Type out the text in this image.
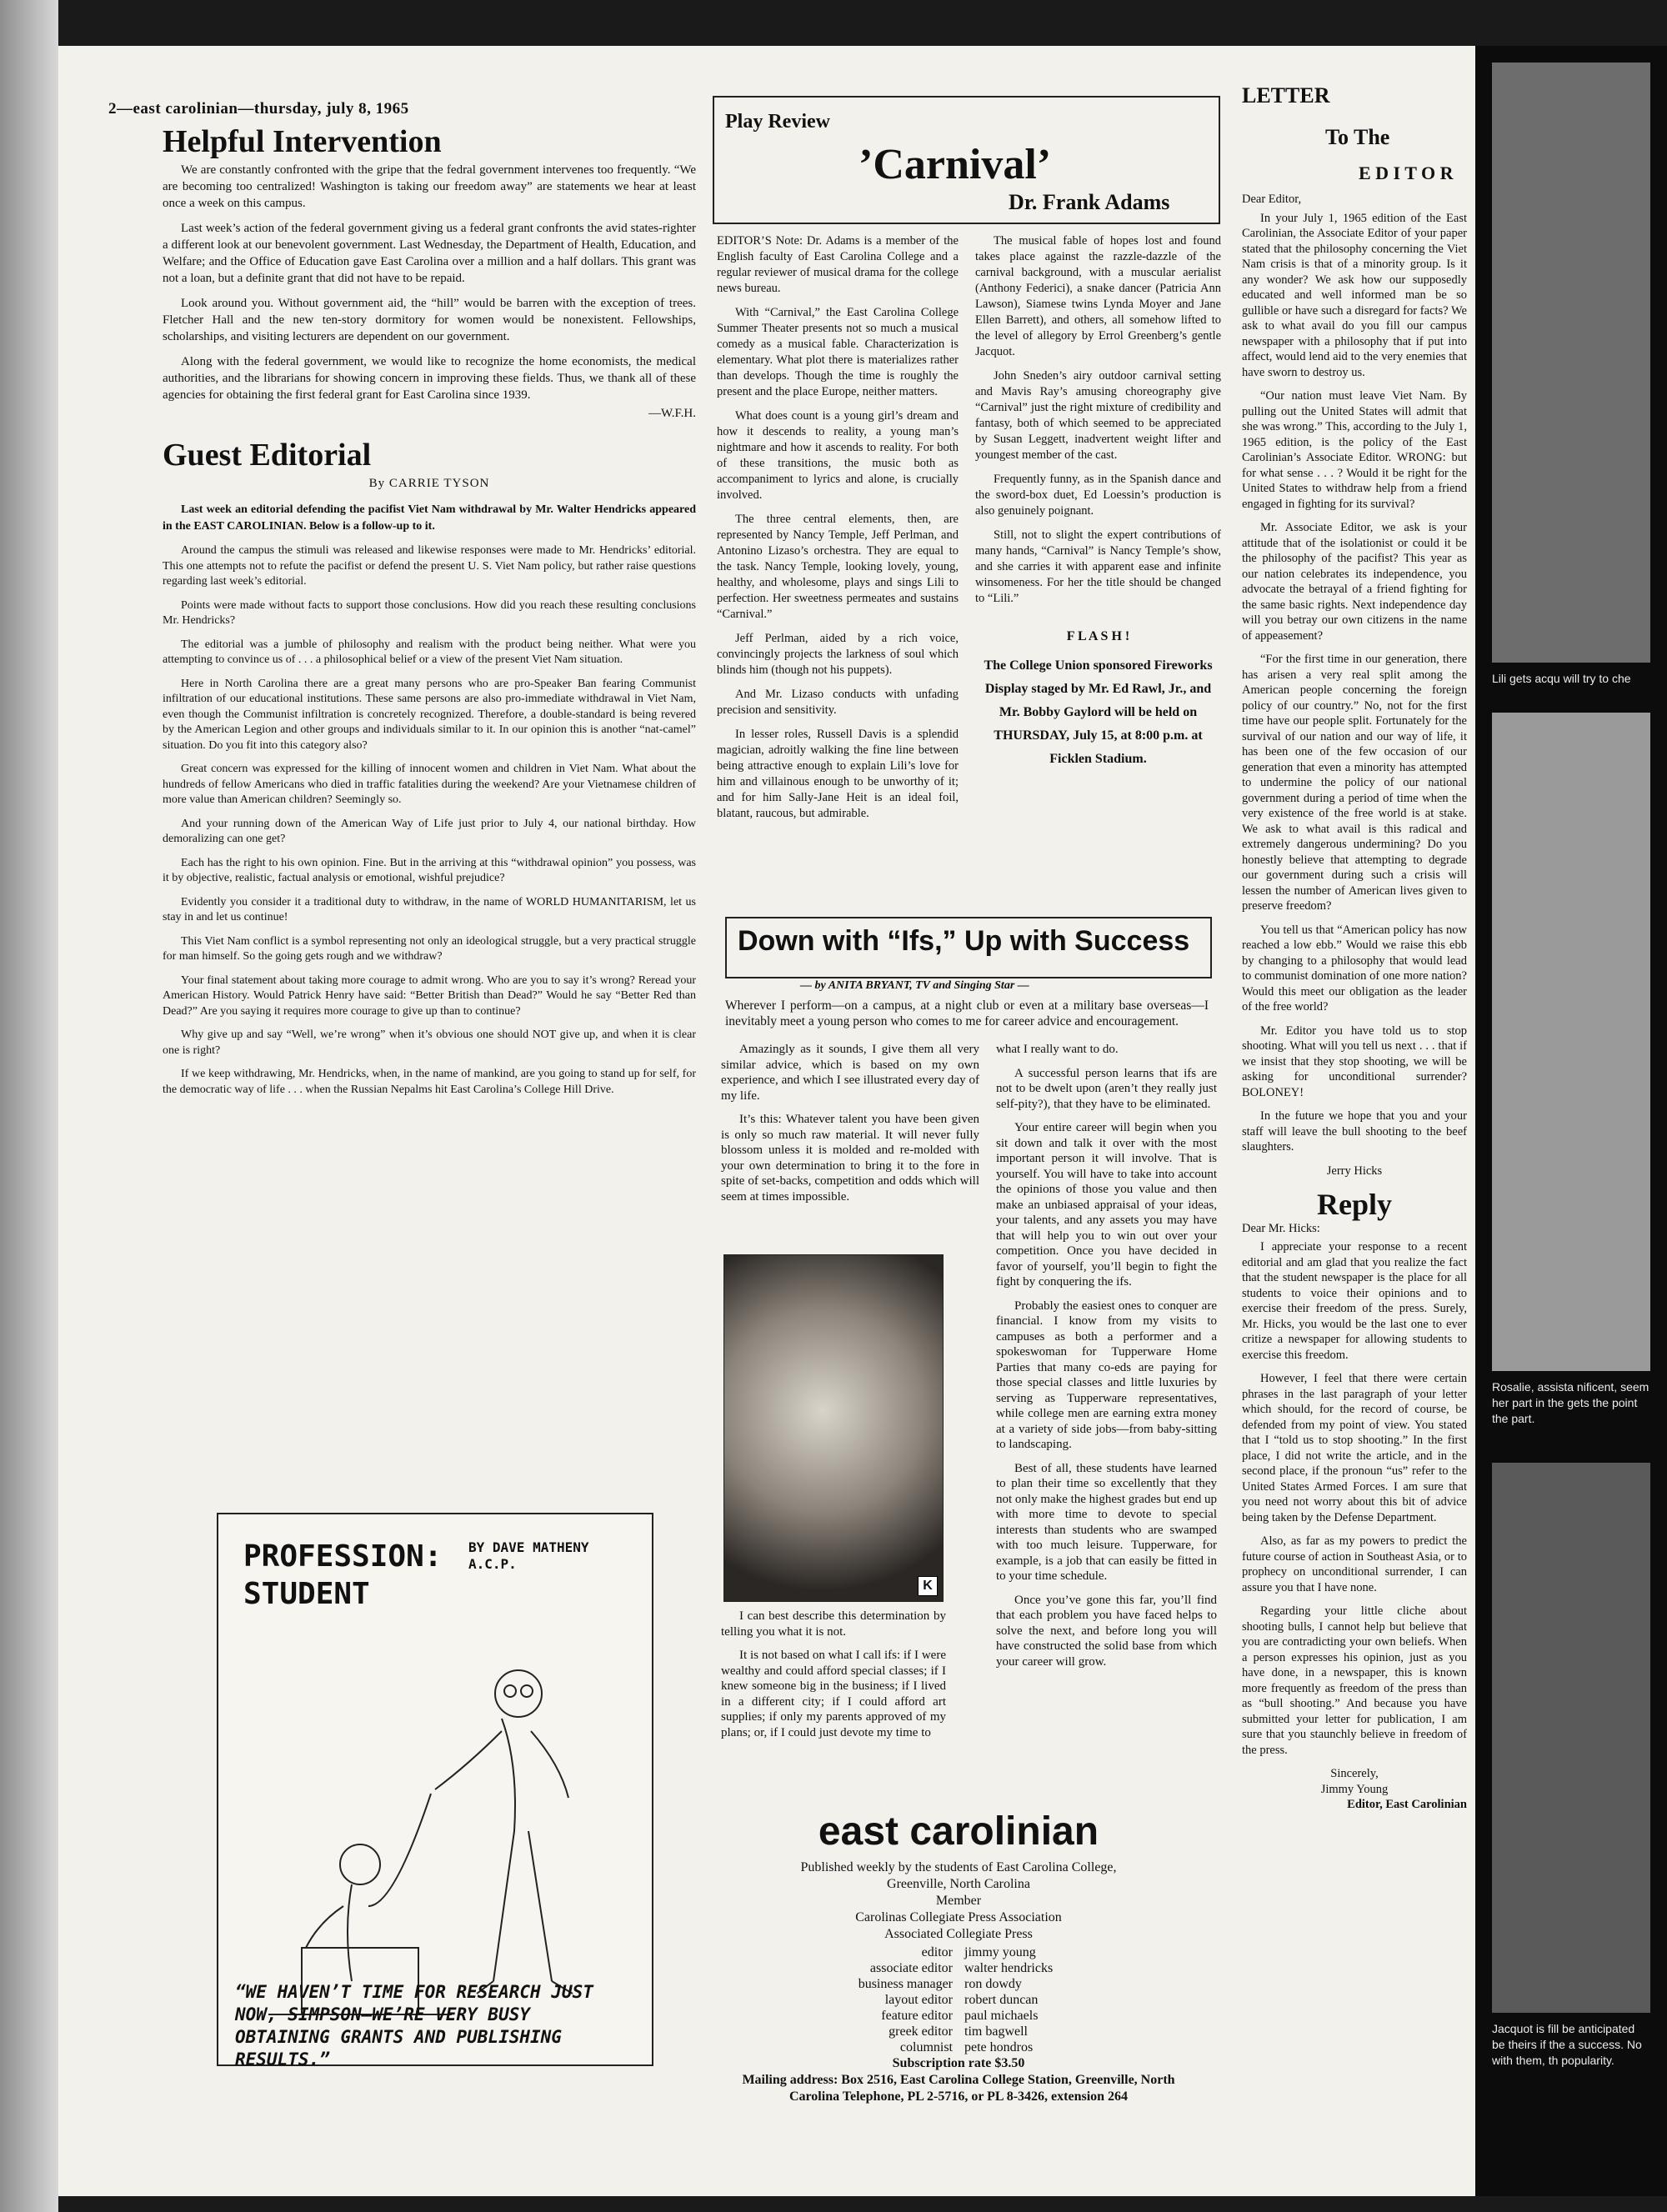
Lili gets acqu will try to che
Rosalie, assista nificent, seem her part in the gets the point the part.
Jacquot is fill be anticipated be theirs if the a success. No with them, th popularity.
2—east carolinian—thursday, july 8, 1965
Helpful Intervention

We are constantly confronted with the gripe that the fedral government intervenes too frequently. “We are becoming too centralized! Washington is taking our freedom away” are statements we hear at least once a week on this campus.

Last week’s action of the federal government giving us a federal grant confronts the avid states-righter a different look at our benevolent government. Last Wednesday, the Department of Health, Education, and Welfare; and the Office of Education gave East Carolina over a million and a half dollars. This grant was not a loan, but a definite grant that did not have to be repaid.

Look around you. Without government aid, the “hill” would be barren with the exception of trees. Fletcher Hall and the new ten-story dormitory for women would be nonexistent. Fellowships, scholarships, and visiting lecturers are dependent on our government.

Along with the federal government, we would like to recognize the home economists, the medical authorities, and the librarians for showing concern in improving these fields. Thus, we thank all of these agencies for obtaining the first federal grant for East Carolina since 1939.

—W.F.H.
Guest Editorial
By CARRIE TYSON

Last week an editorial defending the pacifist Viet Nam withdrawal by Mr. Walter Hendricks appeared in the EAST CAROLINIAN. Below is a follow-up to it.

Around the campus the stimuli was released and likewise responses were made to Mr. Hendricks’ editorial. This one attempts not to refute the pacifist or defend the present U. S. Viet Nam policy, but rather raise questions regarding last week’s editorial.

Points were made without facts to support those conclusions. How did you reach these resulting conclusions Mr. Hendricks?

The editorial was a jumble of philosophy and realism with the product being neither. What were you attempting to convince us of . . . a philosophical belief or a view of the present Viet Nam situation.

Here in North Carolina there are a great many persons who are pro-Speaker Ban fearing Communist infiltration of our educational institutions. These same persons are also pro-immediate withdrawal in Viet Nam, even though the Communist infiltration is concretely recognized. Therefore, a double-standard is being revered by the American Legion and other groups and individuals similar to it. In our opinion this is another “nat-camel” situation. Do you fit into this category also?

Great concern was expressed for the killing of innocent women and children in Viet Nam. What about the hundreds of fellow Americans who died in traffic fatalities during the weekend? Are your Vietnamese children of more value than American children? Seemingly so.

And your running down of the American Way of Life just prior to July 4, our national birthday. How demoralizing can one get?

Each has the right to his own opinion. Fine. But in the arriving at this “withdrawal opinion” you possess, was it by objective, realistic, factual analysis or emotional, wishful prejudice?

Evidently you consider it a traditional duty to withdraw, in the name of WORLD HUMANITARISM, let us stay in and let us continue!

This Viet Nam conflict is a symbol representing not only an ideological struggle, but a very practical struggle for man himself. So the going gets rough and we withdraw?

Your final statement about taking more courage to admit wrong. Who are you to say it’s wrong? Reread your American History. Would Patrick Henry have said: “Better British than Dead?” Would he say “Better Red than Dead?” Are you saying it requires more courage to give up than to continue?

Why give up and say “Well, we’re wrong” when it’s obvious one should NOT give up, and when it is clear one is right?

If we keep withdrawing, Mr. Hendricks, when, in the name of mankind, are you going to stand up for self, for the democratic way of life . . . when the Russian Nepalms hit East Carolina’s College Hill Drive.

PROFESSION:
STUDENT
BY DAVE MATHENY A.C.P.
“WE HAVEN’T TIME FOR RESEARCH JUST NOW, SIMPSON—WE’RE VERY BUSY OBTAINING GRANTS AND PUBLISHING RESULTS.”
Play Review
’Carnival’
Dr. Frank Adams

EDITOR’S Note: Dr. Adams is a member of the English faculty of East Carolina College and a regular reviewer of musical drama for the college news bureau.

With “Carnival,” the East Carolina College Summer Theater presents not so much a musical comedy as a musical fable. Characterization is elementary. What plot there is materializes rather than develops. Though the time is roughly the present and the place Europe, neither matters.

What does count is a young girl’s dream and how it descends to reality, a young man’s nightmare and how it ascends to reality. For both of these transitions, the music both as accompaniment to lyrics and alone, is crucially involved.

The three central elements, then, are represented by Nancy Temple, Jeff Perlman, and Antonino Lizaso’s orchestra. They are equal to the task. Nancy Temple, looking lovely, young, healthy, and wholesome, plays and sings Lili to perfection. Her sweetness permeates and sustains “Carnival.”

Jeff Perlman, aided by a rich voice, convincingly projects the larkness of soul which blinds him (though not his puppets).

And Mr. Lizaso conducts with unfading precision and sensitivity.

In lesser roles, Russell Davis is a splendid magician, adroitly walking the fine line between being attractive enough to explain Lili’s love for him and villainous enough to be unworthy of it; and for him Sally-Jane Heit is an ideal foil, blatant, raucous, but admirable.

The musical fable of hopes lost and found takes place against the razzle-dazzle of the carnival background, with a muscular aerialist (Anthony Federici), a snake dancer (Patricia Ann Lawson), Siamese twins Lynda Moyer and Jane Ellen Barrett), and others, all somehow lifted to the level of allegory by Errol Greenberg’s gentle Jacquot.

John Sneden’s airy outdoor carnival setting and Mavis Ray’s amusing choreography give “Carnival” just the right mixture of credibility and fantasy, both of which seemed to be appreciated by Susan Leggett, inadvertent weight lifter and youngest member of the cast.

Frequently funny, as in the Spanish dance and the sword-box duet, Ed Loessin’s production is also genuinely poignant.

Still, not to slight the expert contributions of many hands, “Carnival” is Nancy Temple’s show, and she carries it with apparent ease and infinite winsomeness. For her the title should be changed to “Lili.”

F L A S H !
The College Union sponsored Fireworks Display staged by Mr. Ed Rawl, Jr., and Mr. Bobby Gaylord will be held on THURSDAY, July 15, at 8:00 p.m. at Ficklen Stadium.
Down with “Ifs,” Up with Success
— by ANITA BRYANT, TV and Singing Star —
Wherever I perform—on a campus, at a night club or even at a military base overseas—I inevitably meet a young person who comes to me for career advice and encouragement.

Amazingly as it sounds, I give them all very similar advice, which is based on my own experience, and which I see illustrated every day of my life.

It’s this: Whatever talent you have been given is only so much raw material. It will never fully blossom unless it is molded and re-molded with your own determination to bring it to the fore in spite of set-backs, competition and odds which will seem at times impossible.

K

I can best describe this determination by telling you what it is not.

It is not based on what I call ifs: if I were wealthy and could afford special classes; if I knew someone big in the business; if I lived in a different city; if I could afford art supplies; if only my parents approved of my plans; or, if I could just devote my time to

what I really want to do.

A successful person learns that ifs are not to be dwelt upon (aren’t they really just self-pity?), that they have to be eliminated.

Your entire career will begin when you sit down and talk it over with the most important person it will involve. That is yourself. You will have to take into account the opinions of those you value and then make an unbiased appraisal of your ideas, your talents, and any assets you may have that will help you to win out over your competition. Once you have decided in favor of yourself, you’ll begin to fight the fight by conquering the ifs.

Probably the easiest ones to conquer are financial. I know from my visits to campuses as both a performer and a spokeswoman for Tupperware Home Parties that many co-eds are paying for those special classes and little luxuries by serving as Tupperware representatives, while college men are earning extra money at a variety of side jobs—from baby-sitting to landscaping.

Best of all, these students have learned to plan their time so excellently that they not only make the highest grades but end up with more time to devote to special interests than students who are swamped with too much leisure. Tupperware, for example, is a job that can easily be fitted in to your time schedule.

Once you’ve gone this far, you’ll find that each problem you have faced helps to solve the next, and before long you will have constructed the solid base from which your career will grow.

east carolinian
Published weekly by the students of East Carolina College,
Greenville, North Carolina
Member
Carolinas Collegiate Press Association
Associated Collegiate Press
editor jimmy young
associate editor walter hendricks
business manager ron dowdy
layout editor robert duncan
feature editor paul michaels
greek editor tim bagwell
columnist pete hondros
Subscription rate $3.50
Mailing address: Box 2516, East Carolina College Station, Greenville, North
Carolina Telephone, PL 2-5716, or PL 8-3426, extension 264
LETTER
To The
E D I T O R
Dear Editor,

In your July 1, 1965 edition of the East Carolinian, the Associate Editor of your paper stated that the philosophy concerning the Viet Nam crisis is that of a minority group. Is it any wonder? We ask how our supposedly educated and well informed man be so gullible or have such a disregard for facts? We ask to what avail do you fill our campus newspaper with a philosophy that if put into affect, would lend aid to the very enemies that have sworn to destroy us.

“Our nation must leave Viet Nam. By pulling out the United States will admit that she was wrong.” This, according to the July 1, 1965 edition, is the policy of the East Carolinian’s Associate Editor. WRONG: but for what sense . . . ? Would it be right for the United States to withdraw help from a friend engaged in fighting for its survival?

Mr. Associate Editor, we ask is your attitude that of the isolationist or could it be the philosophy of the pacifist? This year as our nation celebrates its independence, you advocate the betrayal of a friend fighting for the same basic rights. Next independence day will you betray our own citizens in the name of appeasement?

“For the first time in our generation, there has arisen a very real split among the American people concerning the foreign policy of our country.” No, not for the first time have our people split. Fortunately for the survival of our nation and our way of life, it has been one of the few occasion of our generation that even a minority has attempted to undermine the policy of our national government during a period of time when the very existence of the free world is at stake. We ask to what avail is this radical and extremely dangerous undermining? Do you honestly believe that attempting to degrade our government during such a crisis will lessen the number of American lives given to preserve freedom?

You tell us that “American policy has now reached a low ebb.” Would we raise this ebb by changing to a philosophy that would lead to communist domination of one more nation? Would this meet our obligation as the leader of the free world?

Mr. Editor you have told us to stop shooting. What will you tell us next . . . that if we insist that they stop shooting, we will be asking for unconditional surrender? BOLONEY!

In the future we hope that you and your staff will leave the bull shooting to the beef slaughters.

Jerry Hicks
Reply
Dear Mr. Hicks:

I appreciate your response to a recent editorial and am glad that you realize the fact that the student newspaper is the place for all students to voice their opinions and to exercise their freedom of the press. Surely, Mr. Hicks, you would be the last one to ever critize a newspaper for allowing students to exercise this freedom.

However, I feel that there were certain phrases in the last paragraph of your letter which should, for the record of course, be defended from my point of view. You stated that I “told us to stop shooting.” In the first place, I did not write the article, and in the second place, if the pronoun “us” refer to the United States Armed Forces. I am sure that you need not worry about this bit of advice being taken by the Defense Department.

Also, as far as my powers to predict the future course of action in Southeast Asia, or to prophecy on unconditional surrender, I can assure you that I have none.

Regarding your little cliche about shooting bulls, I cannot help but believe that you are contradicting your own beliefs. When a person expresses his opinion, just as you have done, in a newspaper, this is known more frequently as freedom of the press than as “bull shooting.” And because you have submitted your letter for publication, I am sure that you staunchly believe in freedom of the press.

Sincerely,
Jimmy Young
Editor, East Carolinian
